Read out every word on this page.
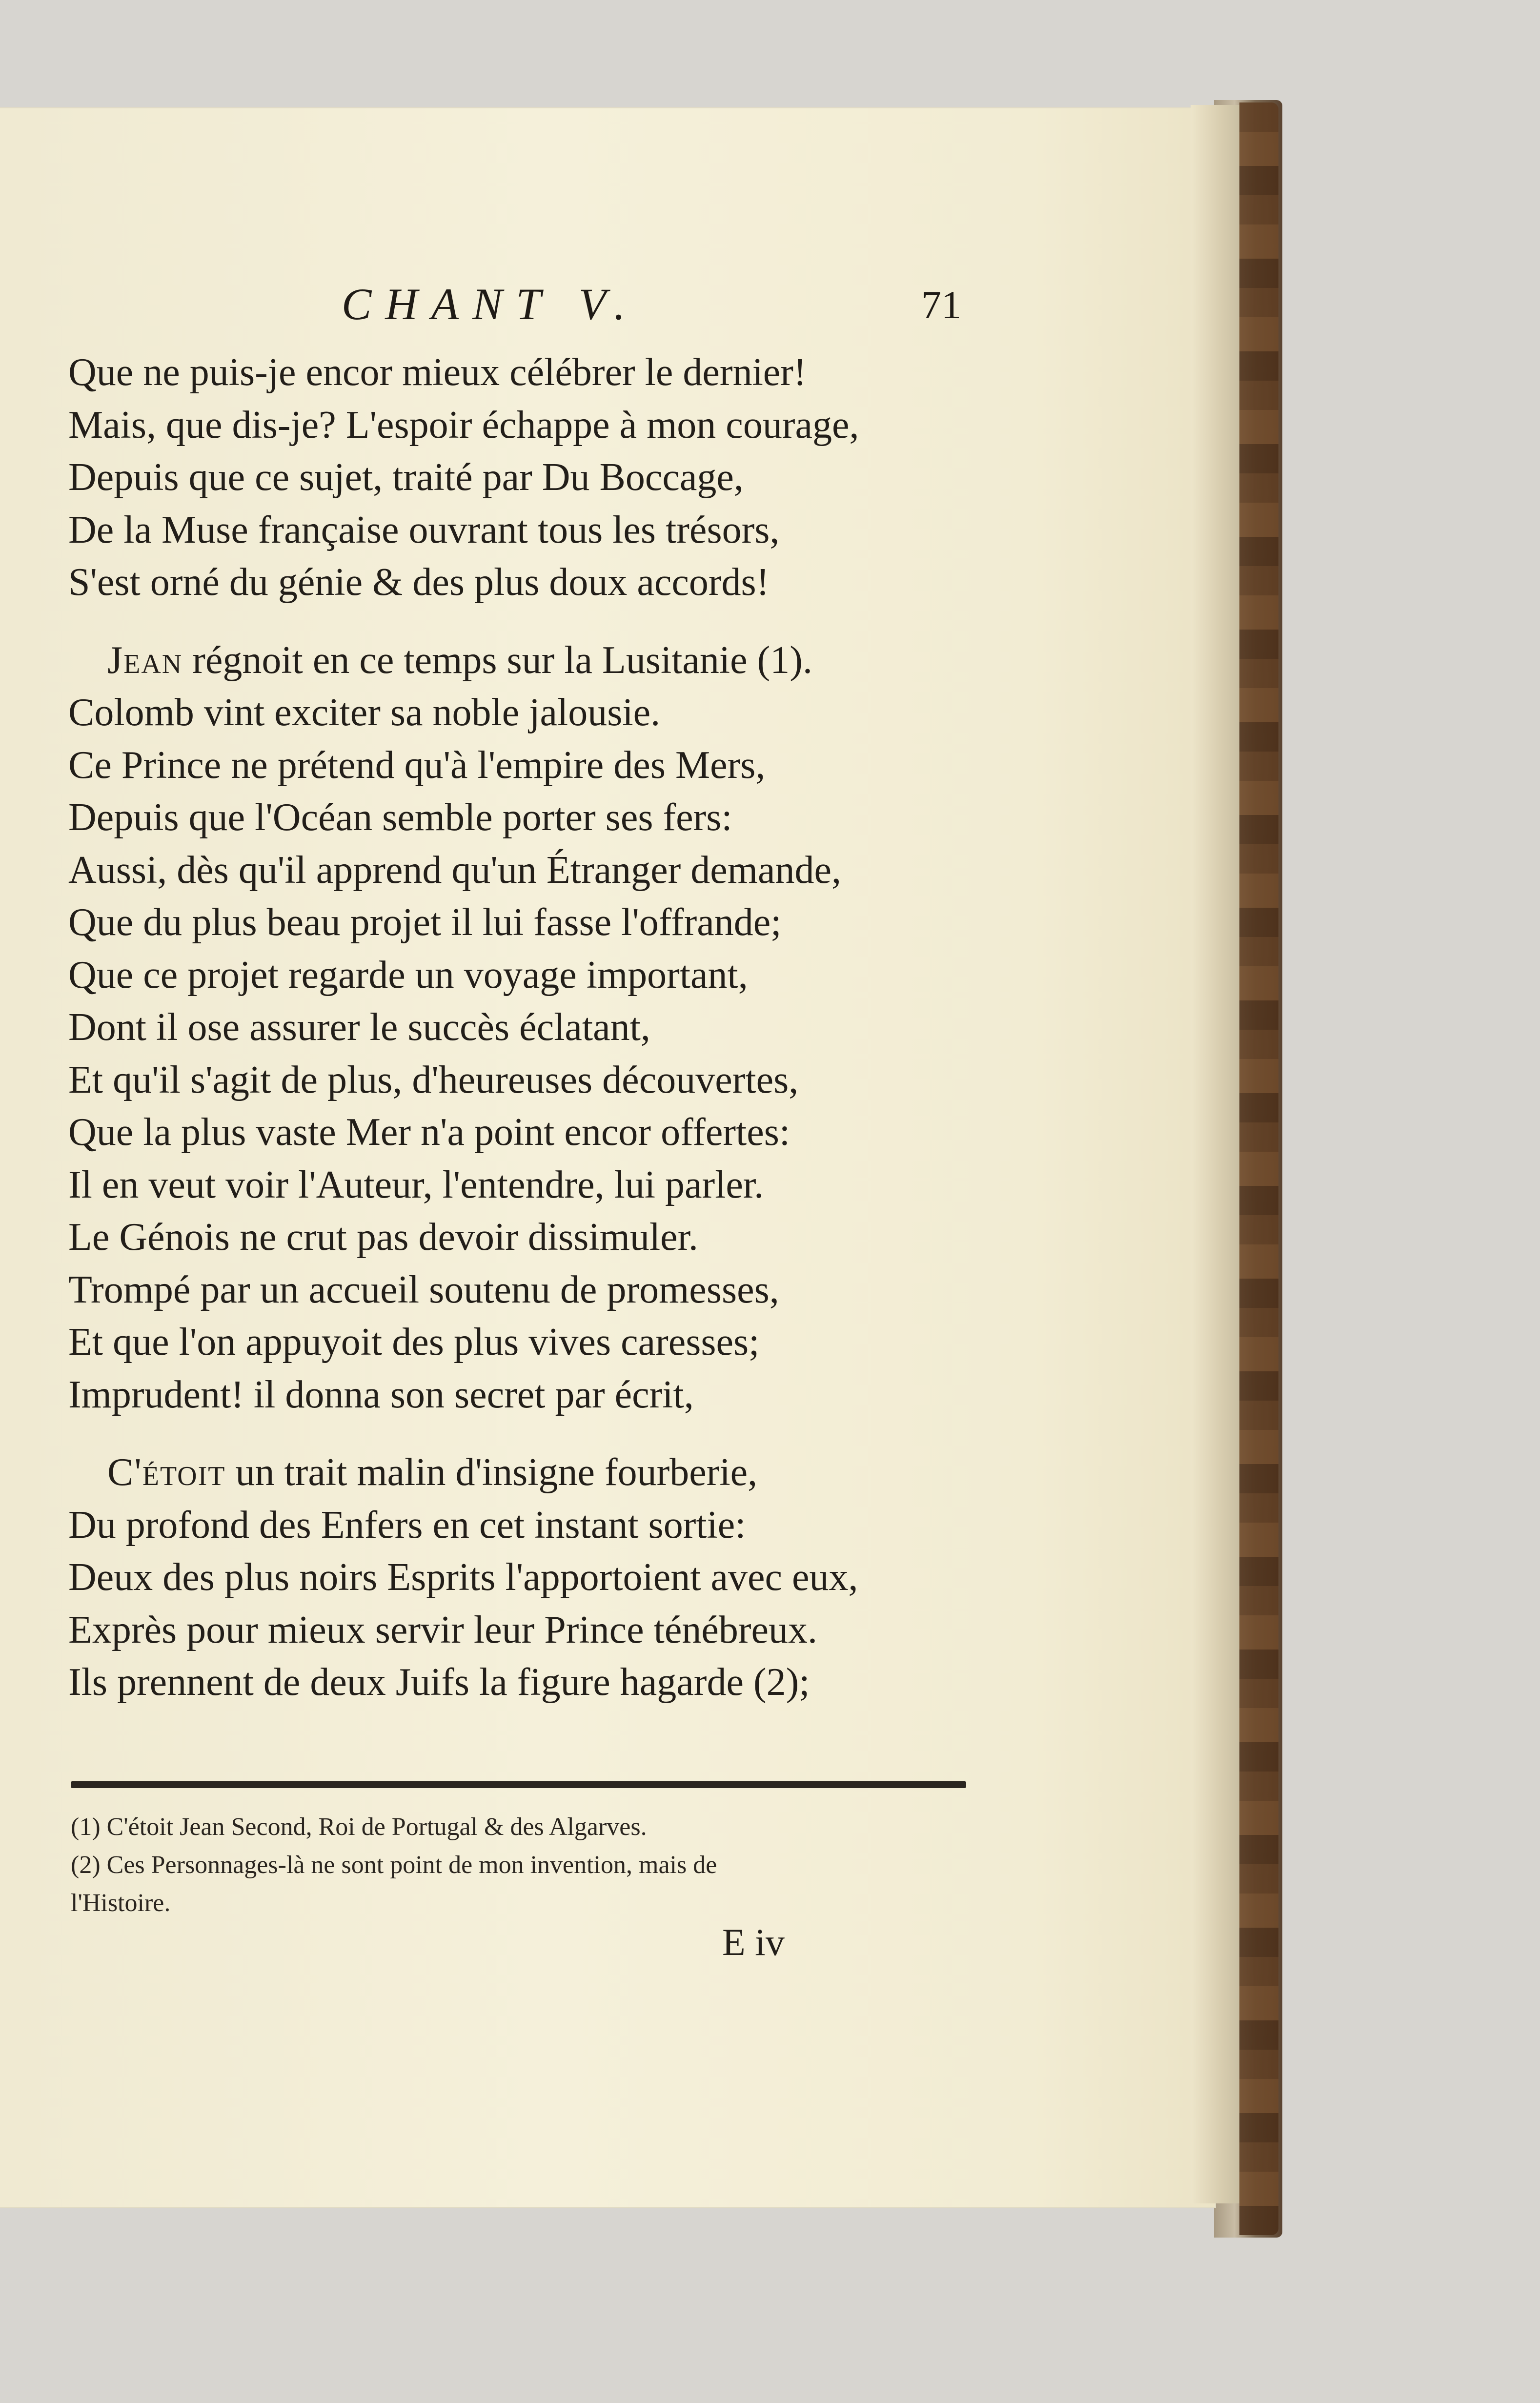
CHANT V.	71
Que ne puis-je encor mieux célébrer le dernier!
Mais, que dis-je? L'espoir échappe à mon courage,
Depuis que ce sujet, traité par Du Boccage,
De la Muse française ouvrant tous les trésors,
S'est orné du génie & des plus doux accords!
Jean régnoit en ce temps sur la Lusitanie (1).
Colomb vint exciter sa noble jalousie.
Ce Prince ne prétend qu'à l'empire des Mers,
Depuis que l'Océan semble porter ses fers:
Aussi, dès qu'il apprend qu'un Étranger demande,
Que du plus beau projet il lui fasse l'offrande;
Que ce projet regarde un voyage important,
Dont il ose assurer le succès éclatant,
Et qu'il s'agit de plus, d'heureuses découvertes,
Que la plus vaste Mer n'a point encor offertes:
Il en veut voir l'Auteur, l'entendre, lui parler.
Le Génois ne crut pas devoir dissimuler.
Trompé par un accueil soutenu de promesses,
Et que l'on appuyoit des plus vives caresses;
Imprudent! il donna son secret par écrit,
C'étoit un trait malin d'insigne fourberie,
Du profond des Enfers en cet instant sortie:
Deux des plus noirs Esprits l'apportoient avec eux,
Exprès pour mieux servir leur Prince ténébreux.
Ils prennent de deux Juifs la figure hagarde (2);
(1) C'étoit Jean Second, Roi de Portugal & des Algarves.
(2) Ces Personnages-là ne sont point de mon invention, mais de
l'Histoire.
E iv
